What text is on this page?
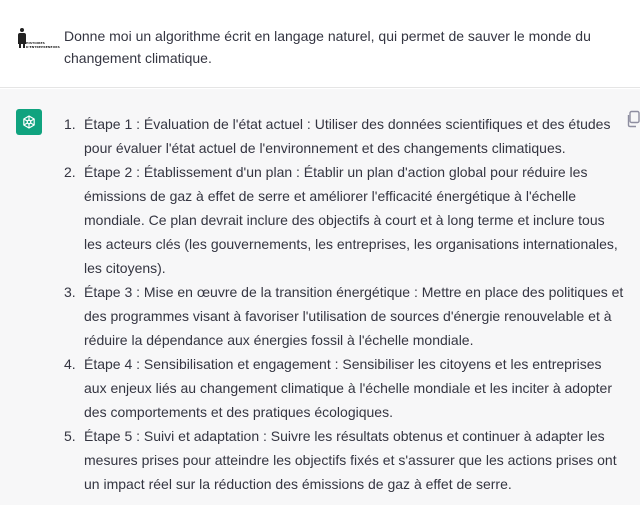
HISTOIRES
D'ENTREPRENEURS
Donne moi un algorithme écrit en langage naturel, qui permet de sauver le monde du changement climatique.
1. Étape 1 : Évaluation de l'état actuel : Utiliser des données scientifiques et des études pour évaluer l'état actuel de l'environnement et des changements climatiques.
2. Étape 2 : Établissement d'un plan : Établir un plan d'action global pour réduire les émissions de gaz à effet de serre et améliorer l'efficacité énergétique à l'échelle mondiale. Ce plan devrait inclure des objectifs à court et à long terme et inclure tous les acteurs clés (les gouvernements, les entreprises, les organisations internationales, les citoyens).
3. Étape 3 : Mise en œuvre de la transition énergétique : Mettre en place des politiques et des programmes visant à favoriser l'utilisation de sources d'énergie renouvelable et à réduire la dépendance aux énergies fossil à l'échelle mondiale.
4. Étape 4 : Sensibilisation et engagement : Sensibiliser les citoyens et les entreprises aux enjeux liés au changement climatique à l'échelle mondiale et les inciter à adopter des comportements et des pratiques écologiques.
5. Étape 5 : Suivi et adaptation : Suivre les résultats obtenus et continuer à adapter les mesures prises pour atteindre les objectifs fixés et s'assurer que les actions prises ont un impact réel sur la réduction des émissions de gaz à effet de serre.
